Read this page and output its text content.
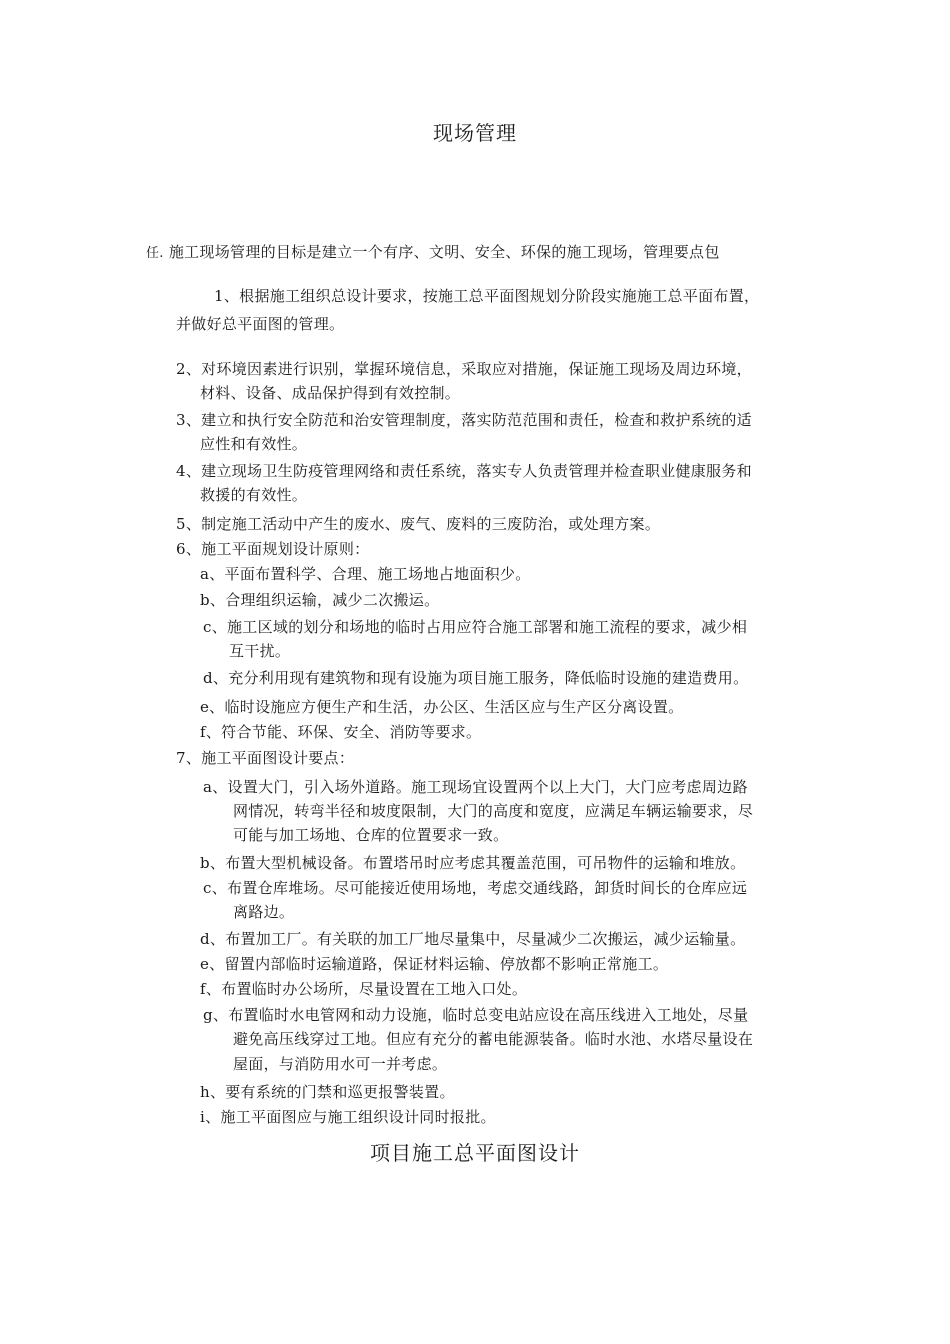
现场管理
任. 施工现场管理的目标是建立一个有序、文明、安全、环保的施工现场，管理要点包
1、根据施工组织总设计要求，按施工总平面图规划分阶段实施施工总平面布置，
并做好总平面图的管理。
2、对环境因素进行识别，掌握环境信息，采取应对措施，保证施工现场及周边环境，
材料、设备、成品保护得到有效控制。
3、建立和执行安全防范和治安管理制度，落实防范范围和责任，检查和救护系统的适
应性和有效性。
4、建立现场卫生防疫管理网络和责任系统，落实专人负责管理并检查职业健康服务和
救援的有效性。
5、制定施工活动中产生的废水、废气、废料的三废防治，或处理方案。
6、施工平面规划设计原则：
a、平面布置科学、合理、施工场地占地面积少。
b、合理组织运输，减少二次搬运。
c、施工区域的划分和场地的临时占用应符合施工部署和施工流程的要求，减少相
互干扰。
d、充分利用现有建筑物和现有设施为项目施工服务，降低临时设施的建造费用。
e、临时设施应方便生产和生活，办公区、生活区应与生产区分离设置。
f、符合节能、环保、安全、消防等要求。
7、施工平面图设计要点：
a、设置大门，引入场外道路。施工现场宜设置两个以上大门，大门应考虑周边路
网情况，转弯半径和坡度限制，大门的高度和宽度，应满足车辆运输要求，尽
可能与加工场地、仓库的位置要求一致。
b、布置大型机械设备。布置塔吊时应考虑其覆盖范围，可吊物件的运输和堆放。
c、布置仓库堆场。尽可能接近使用场地，考虑交通线路，卸货时间长的仓库应远
离路边。
d、布置加工厂。有关联的加工厂地尽量集中，尽量减少二次搬运，减少运输量。
e、留置内部临时运输道路，保证材料运输、停放都不影响正常施工。
f、布置临时办公场所，尽量设置在工地入口处。
g、布置临时水电管网和动力设施，临时总变电站应设在高压线进入工地处，尽量
避免高压线穿过工地。但应有充分的蓄电能源装备。临时水池、水塔尽量设在
屋面，与消防用水可一并考虑。
h、要有系统的门禁和巡更报警装置。
i、施工平面图应与施工组织设计同时报批。
项目施工总平面图设计
